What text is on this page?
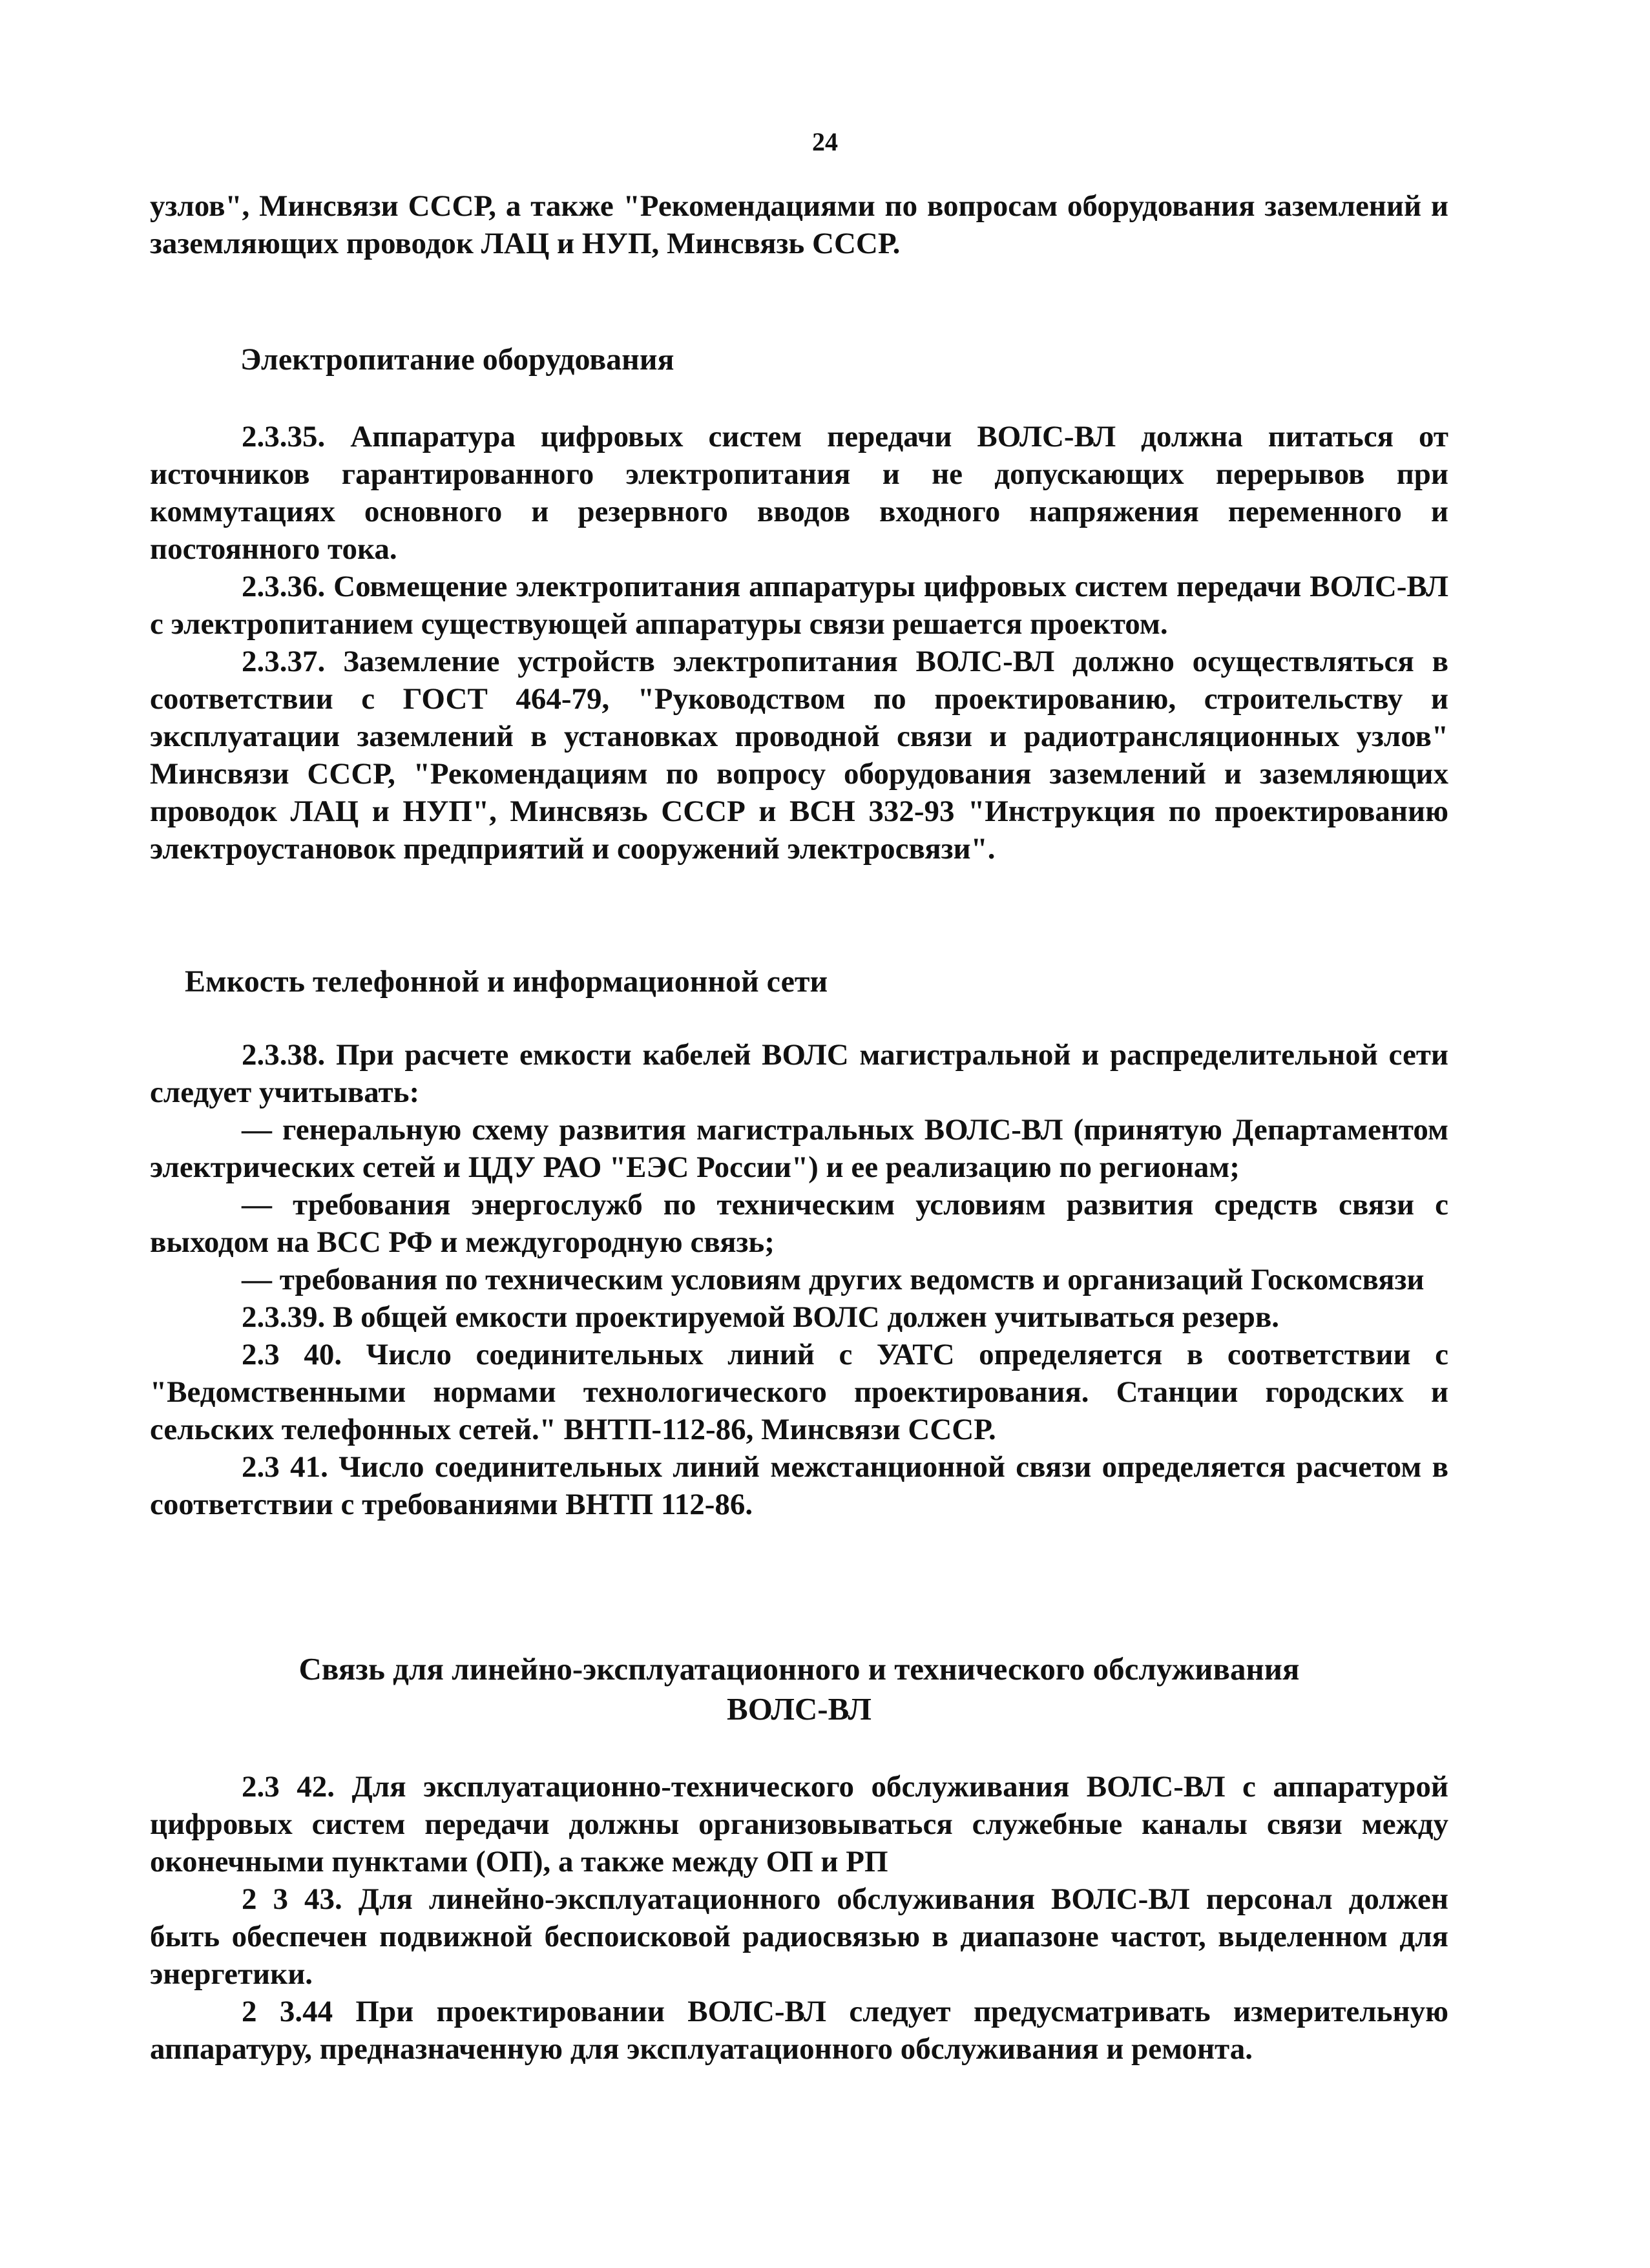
24

узлов", Минсвязи СССР, а также "Рекомендациями по вопросам оборудования заземлений и заземляющих проводок ЛАЦ и НУП, Минсвязь СССР.

Электропитание оборудования

2.3.35. Аппаратура цифровых систем передачи ВОЛС-ВЛ должна питаться от источников гарантированного электропитания и не допускающих перерывов при коммутациях основного и резервного вводов входного напряжения переменного и постоянного тока.

2.3.36. Совмещение электропитания аппаратуры цифровых систем передачи ВОЛС-ВЛ с электропитанием существующей аппаратуры связи решается проектом.

2.3.37. Заземление устройств электропитания ВОЛС-ВЛ должно осуществляться в соответствии с ГОСТ 464-79, "Руководством по проектированию, строительству и эксплуатации заземлений в установках проводной связи и радиотрансляционных узлов" Минсвязи СССР, "Рекомендациям по вопросу оборудования заземлений и заземляющих проводок ЛАЦ и НУП", Минсвязь СССР и ВСН 332-93 "Инструкция по проектированию электроустановок предприятий и сооружений электросвязи".

Емкость телефонной и информационной сети

2.3.38. При расчете емкости кабелей ВОЛС магистральной и распределительной сети следует учитывать:

— генеральную схему развития магистральных ВОЛС-ВЛ (принятую Департаментом электрических сетей и ЦДУ РАО "ЕЭС России") и ее реализацию по регионам;

— требования энергослужб по техническим условиям развития средств связи с выходом на ВСС РФ и междугородную связь;

— требования по техническим условиям других ведомств и организаций Госкомсвязи

2.3.39. В общей емкости проектируемой ВОЛС должен учитываться резерв.

2.3 40. Число соединительных линий с УАТС определяется в соответствии с "Ведомственными нормами технологического проектирования. Станции городских и сельских телефонных сетей." ВНТП-112-86, Минсвязи СССР.

2.3 41. Число соединительных линий межстанционной связи определяется расчетом в соответствии с требованиями ВНТП 112-86.

Связь для линейно-эксплуатационного и технического обслуживания
ВОЛС-ВЛ

2.3 42. Для эксплуатационно-технического обслуживания ВОЛС-ВЛ с аппаратурой цифровых систем передачи должны организовываться служебные каналы связи между оконечными пунктами (ОП), а также между ОП и РП

2 3 43. Для линейно-эксплуатационного обслуживания ВОЛС-ВЛ персонал должен быть обеспечен подвижной беспоисковой радиосвязью в диапазоне частот, выделенном для энергетики.

2 3.44 При проектировании ВОЛС-ВЛ следует предусматривать измерительную аппаратуру, предназначенную для эксплуатационного обслуживания и ремонта.
